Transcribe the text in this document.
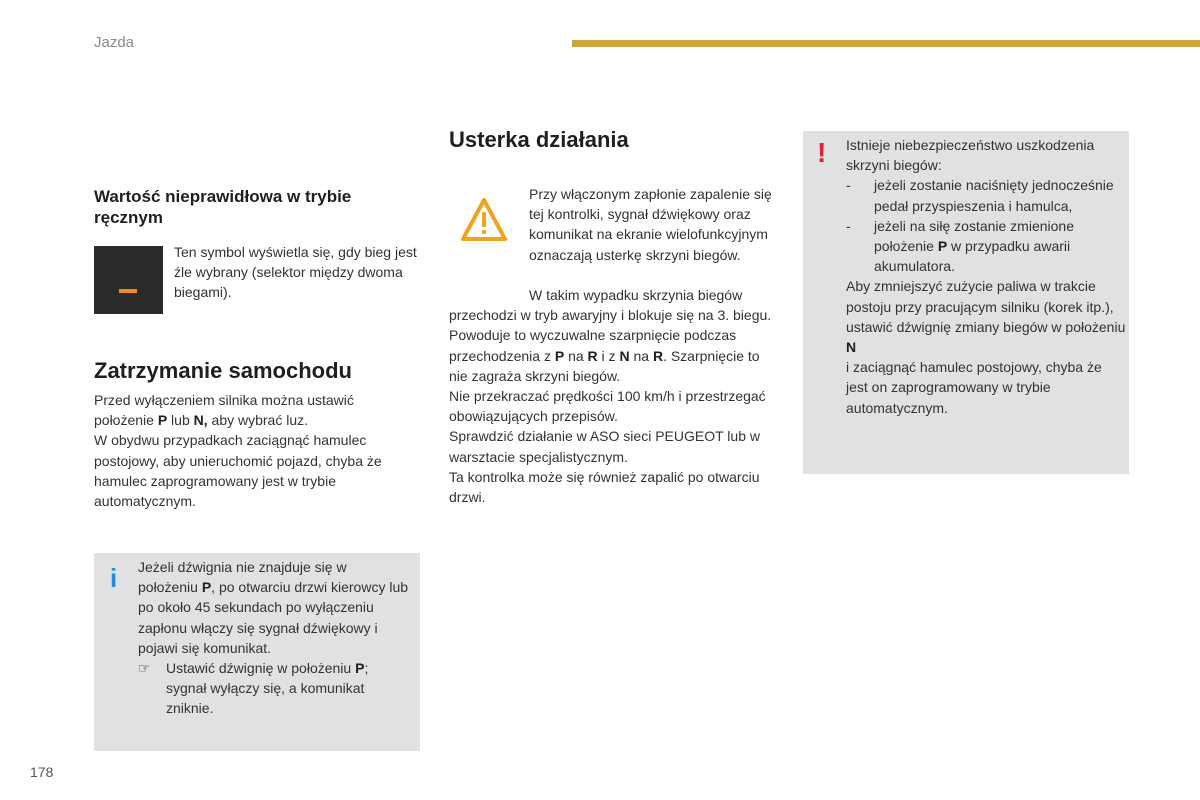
Jazda
178
Wartość nieprawidłowa w trybie ręcznym
Ten symbol wyświetla się, gdy bieg jest źle wybrany (selektor między dwoma biegami).
Zatrzymanie samochodu

Przed wyłączeniem silnika można ustawić położenie P lub N, aby wybrać luz.

W obydwu przypadkach zaciągnąć hamulec postojowy, aby unieruchomić pojazd, chyba że hamulec zaprogramowany jest w trybie automatycznym.

i Jeżeli dźwignia nie znajduje się w położeniu P, po otwarciu drzwi kierowcy lub po około 45 sekundach po wyłączeniu zapłonu włączy się sygnał dźwiękowy i pojawi się komunikat.

☞ Ustawić dźwignię w położeniu P; sygnał wyłączy się, a komunikat zniknie.
Usterka działania
Przy włączonym zapłonie zapalenie się tej kontrolki, sygnał dźwiękowy oraz komunikat na ekranie wielofunkcyjnym oznaczają usterkę skrzyni biegów.

W takim wypadku skrzynia biegów przechodzi w tryb awaryjny i blokuje się na 3. biegu. Powoduje to wyczuwalne szarpnięcie podczas przechodzenia z P na R i z N na R. Szarpnięcie to nie zagraża skrzyni biegów.

Nie przekraczać prędkości 100 km/h i przestrzegać obowiązujących przepisów.

Sprawdzić działanie w ASO sieci PEUGEOT lub w warsztacie specjalistycznym.

Ta kontrolka może się również zapalić po otwarciu drzwi.

! Istnieje niebezpieczeństwo uszkodzenia skrzyni biegów:

- jeżeli zostanie naciśnięty jednocześnie pedał przyspieszenia i hamulca,
- jeżeli na siłę zostanie zmienione położenie P w przypadku awarii akumulatora.

Aby zmniejszyć zużycie paliwa w trakcie postoju przy pracującym silniku (korek itp.), ustawić dźwignię zmiany biegów w położeniu N
i zaciągnąć hamulec postojowy, chyba że jest on zaprogramowany w trybie automatycznym.
